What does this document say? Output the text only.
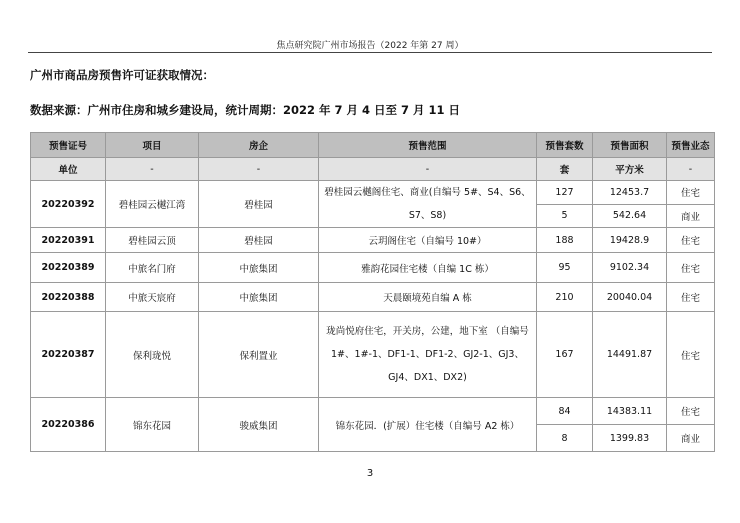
焦点研究院广州市场报告（2022 年第 27 周）
广州市商品房预售许可证获取情况：
数据来源：广州市住房和城乡建设局，统计周期：2022 年 7 月 4 日至 7 月 11 日
预售证号	项目	房企	预售范围	预售套数	预售面积	预售业态
单位	-	-	-	套	平方米	-
20220392	碧桂园云樾江湾	碧桂园	碧桂园云樾阁住宅、商业(自编号 5#、S4、S6、S7、S8)	127	12453.7	住宅
				5	542.64	商业
20220391	碧桂园云顶	碧桂园	云玥阁住宅（自编号 10#）	188	19428.9	住宅
20220389	中旅名门府	中旅集团	雅韵花园住宅楼（自编 1C 栋）	95	9102.34	住宅
20220388	中旅天宸府	中旅集团	天晨颐境苑自编 A 栋	210	20040.04	住宅
20220387	保利珑悦	保利置业	珑尚悦府住宅，开关房，公建，地下室 （自编号 1#、1#-1、DF1-1、DF1-2、GJ2-1、GJ3、GJ4、DX1、DX2)	167	14491.87	住宅
20220386	锦东花园	骏威集团	锦东花园．(扩展）住宅楼（自编号 A2 栋）	84	14383.11	住宅
				8	1399.83	商业
3
